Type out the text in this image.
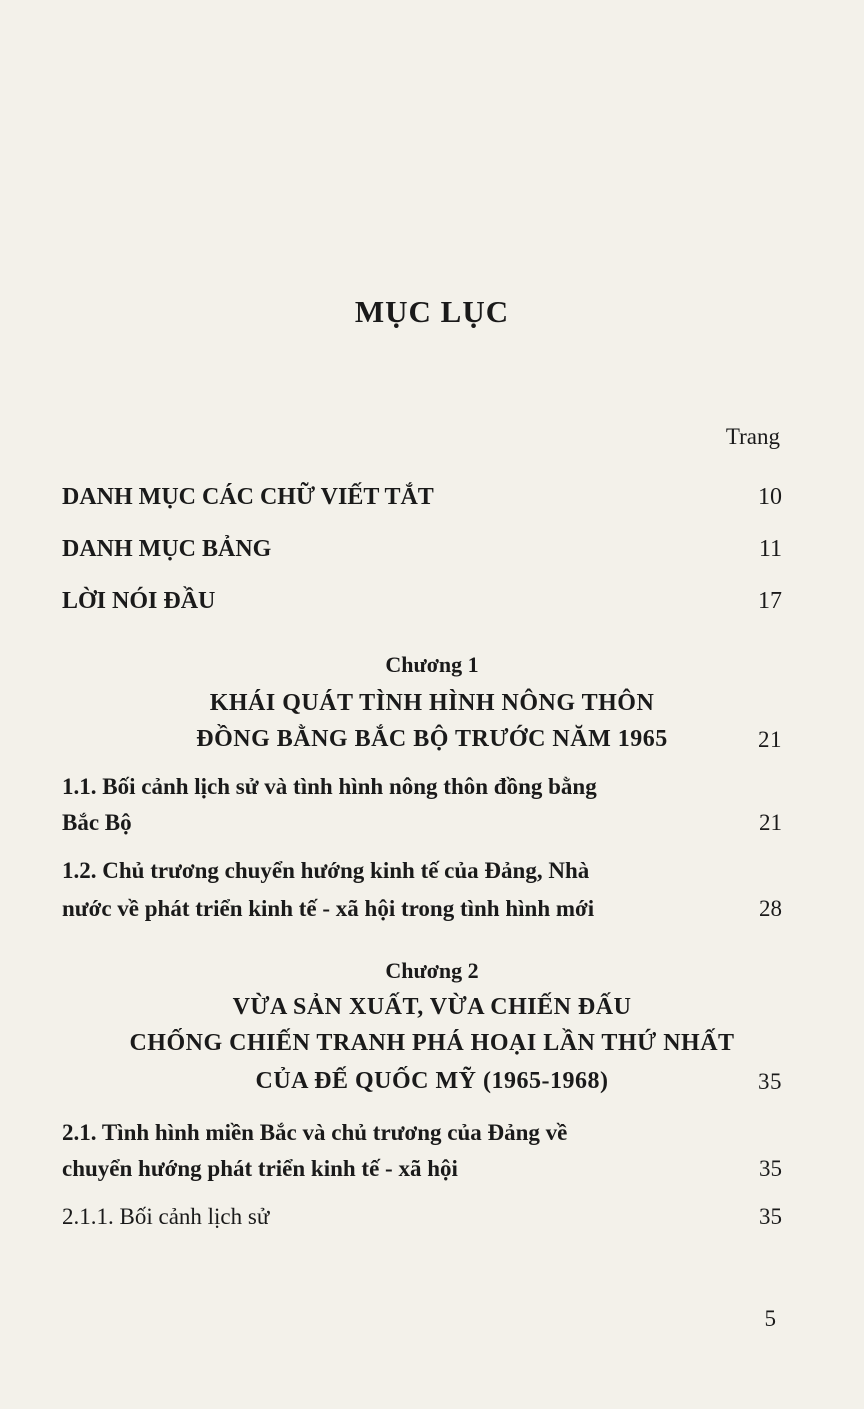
MỤC LỤC
Trang
DANH MỤC CÁC CHỮ VIẾT TẮT	10
DANH MỤC BẢNG	11
LỜI NÓI ĐẦU	17
Chương 1
KHÁI QUÁT TÌNH HÌNH NÔNG THÔN
ĐỒNG BẰNG BẮC BỘ TRƯỚC NĂM 1965	21
1.1. Bối cảnh lịch sử và tình hình nông thôn đồng bằng
Bắc Bộ	21
1.2. Chủ trương chuyển hướng kinh tế của Đảng, Nhà
nước về phát triển kinh tế - xã hội trong tình hình mới	28
Chương 2
VỪA SẢN XUẤT, VỪA CHIẾN ĐẤU
CHỐNG CHIẾN TRANH PHÁ HOẠI LẦN THỨ NHẤT
CỦA ĐẾ QUỐC MỸ (1965-1968)	35
2.1. Tình hình miền Bắc và chủ trương của Đảng về
chuyển hướng phát triển kinh tế - xã hội	35
2.1.1. Bối cảnh lịch sử	35
5
